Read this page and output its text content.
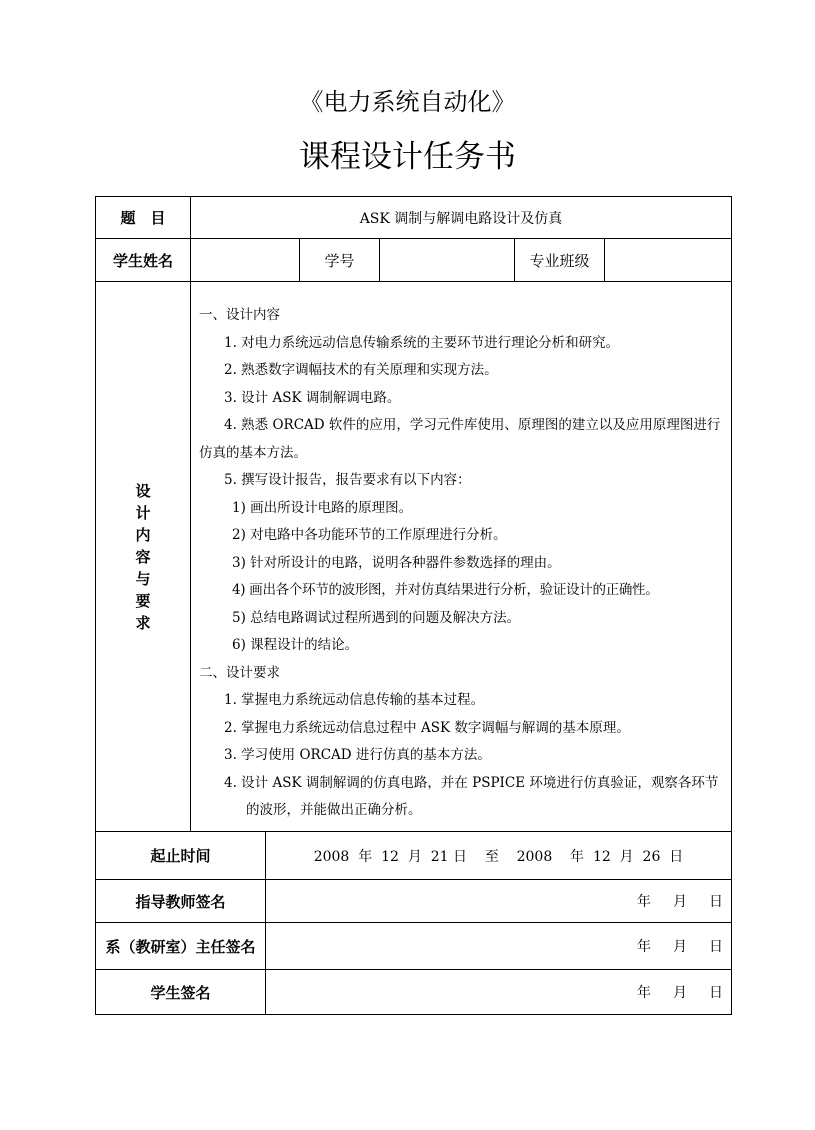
《电力系统自动化》
课程设计任务书
题　目	ASK 调制与解调电路设计及仿真
学生姓名	学号	专业班级
设
计
内
容
与
要
求
一、设计内容
1. 对电力系统远动信息传输系统的主要环节进行理论分析和研究。
2. 熟悉数字调幅技术的有关原理和实现方法。
3. 设计 ASK 调制解调电路。
4. 熟悉 ORCAD 软件的应用，学习元件库使用、原理图的建立以及应用原理图进行仿真的基本方法。
5. 撰写设计报告，报告要求有以下内容：
1) 画出所设计电路的原理图。
2) 对电路中各功能环节的工作原理进行分析。
3) 针对所设计的电路，说明各种器件参数选择的理由。
4) 画出各个环节的波形图，并对仿真结果进行分析，验证设计的正确性。
5) 总结电路调试过程所遇到的问题及解决方法。
6) 课程设计的结论。
二、设计要求
1. 掌握电力系统远动信息传输的基本过程。
2. 掌握电力系统远动信息过程中 ASK 数字调幅与解调的基本原理。
3. 学习使用 ORCAD 进行仿真的基本方法。
4. 设计 ASK 调制解调的仿真电路，并在 PSPICE 环境进行仿真验证，观察各环节的波形，并能做出正确分析。
起止时间	2008  年  12  月  21 日    至    2008    年  12  月  26  日
指导教师签名	年 月 日
系（教研室）主任签名	年 月 日
学生签名	年 月 日
